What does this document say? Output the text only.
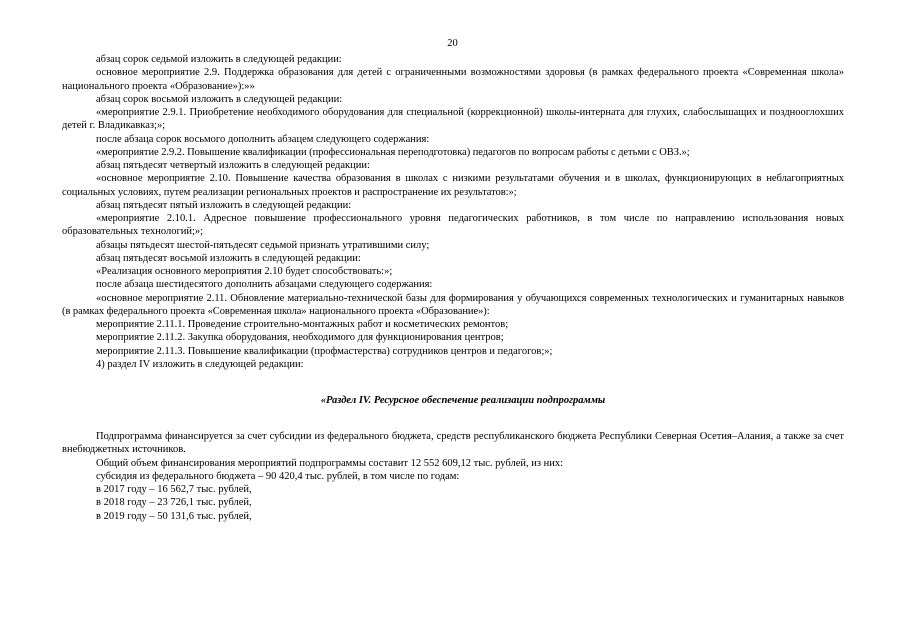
20

абзац сорок седьмой изложить в следующей редакции:

основное мероприятие 2.9. Поддержка образования для детей с ограниченными возможностями здоровья (в рамках федерального проекта «Современная школа» национального проекта «Образование»):»»

абзац сорок восьмой изложить в следующей редакции:

«мероприятие 2.9.1. Приобретение необходимого оборудования для специальной (коррекционной) школы-интерната для глухих, слабослышащих и позднооглохших детей г. Владикавказ;»;

после абзаца сорок восьмого дополнить абзацем следующего содержания:

«мероприятие 2.9.2. Повышение квалификации (профессиональная переподготовка) педагогов по вопросам работы с детьми с ОВЗ.»;

абзац пятьдесят четвертый изложить в следующей редакции:

«основное мероприятие 2.10. Повышение качества образования в школах с низкими результатами обучения и в школах, функционирующих в неблагоприятных социальных условиях, путем реализации региональных проектов и распространение их результатов:»;

абзац пятьдесят пятый изложить в следующей редакции:

«мероприятие 2.10.1. Адресное повышение профессионального уровня педагогических работников, в том числе по направлению использования новых образовательных технологий;»;

абзацы пятьдесят шестой-пятьдесят седьмой признать утратившими силу;

абзац пятьдесят восьмой изложить в следующей редакции:

«Реализация основного мероприятия 2.10 будет способствовать:»;

после абзаца шестидесятого дополнить абзацами следующего содержания:

«основное мероприятие 2.11. Обновление материально-технической базы для формирования у обучающихся современных технологических и гуманитарных навыков (в рамках федерального проекта «Современная школа» национального проекта «Образование»):

мероприятие 2.11.1. Проведение строительно-монтажных работ и косметических ремонтов;

мероприятие 2.11.2. Закупка оборудования, необходимого для функционирования центров;

мероприятие 2.11.3. Повышение квалификации (профмастерства) сотрудников центров и педагогов;»;

4) раздел IV изложить в следующей редакции:

«Раздел IV. Ресурсное обеспечение реализации подпрограммы

Подпрограмма финансируется за счет субсидии из федерального бюджета, средств республиканского бюджета Республики Северная Осетия–Алания, а также за счет внебюджетных источников.

Общий объем финансирования мероприятий подпрограммы составит 12 552 609,12 тыс. рублей, из них:

субсидия из федерального бюджета – 90 420,4 тыс. рублей, в том числе по годам:

в 2017 году – 16 562,7 тыс. рублей,

в 2018 году – 23 726,1 тыс. рублей,

в 2019 году – 50 131,6 тыс. рублей,
